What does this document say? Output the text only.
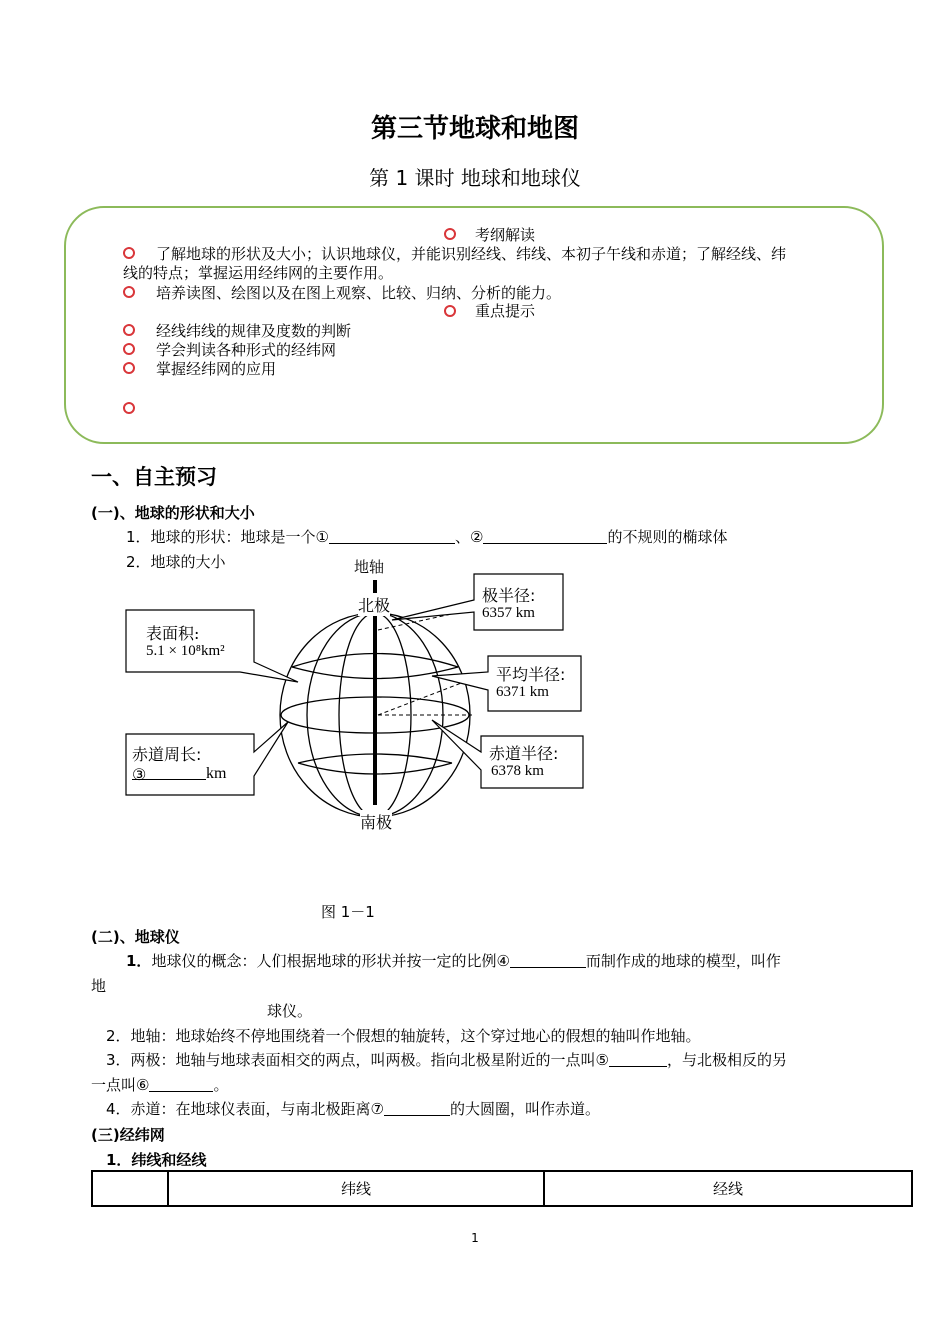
第三节地球和地图
第 1 课时 地球和地球仪
考纲解读
了解地球的形状及大小；认识地球仪，并能识别经线、纬线、本初子午线和赤道；了解经线、纬
线的特点；掌握运用经纬网的主要作用。
培养读图、绘图以及在图上观察、比较、归纳、分析的能力。
重点提示
经线纬线的规律及度数的判断
学会判读各种形式的经纬网
掌握经纬网的应用
一、自主预习
(一)、地球的形状和大小
1．地球的形状：地球是一个①	、②	的不规则的椭球体
2．地球的大小	地轴
北极
南极
表面积:
5.1 × 10⁸km²
赤道周长:
③	km
极半径:
6357 km
平均半径:
6371 km
赤道半径:
6378 km
图 1－1
(二)、地球仪
1．地球仪的概念：人们根据地球的形状并按一定的比例④	而制作成的地球的模型，叫作
地
球仪。
2．地轴：地球始终不停地围绕着一个假想的轴旋转，这个穿过地心的假想的轴叫作地轴。
3．两极：地轴与地球表面相交的两点，叫两极。指向北极星附近的一点叫⑤	，与北极相反的另
一点叫⑥	。
4．赤道：在地球仪表面，与南北极距离⑦	的大圆圈，叫作赤道。
(三)经纬网
1．纬线和经线
	纬线	经线
1
